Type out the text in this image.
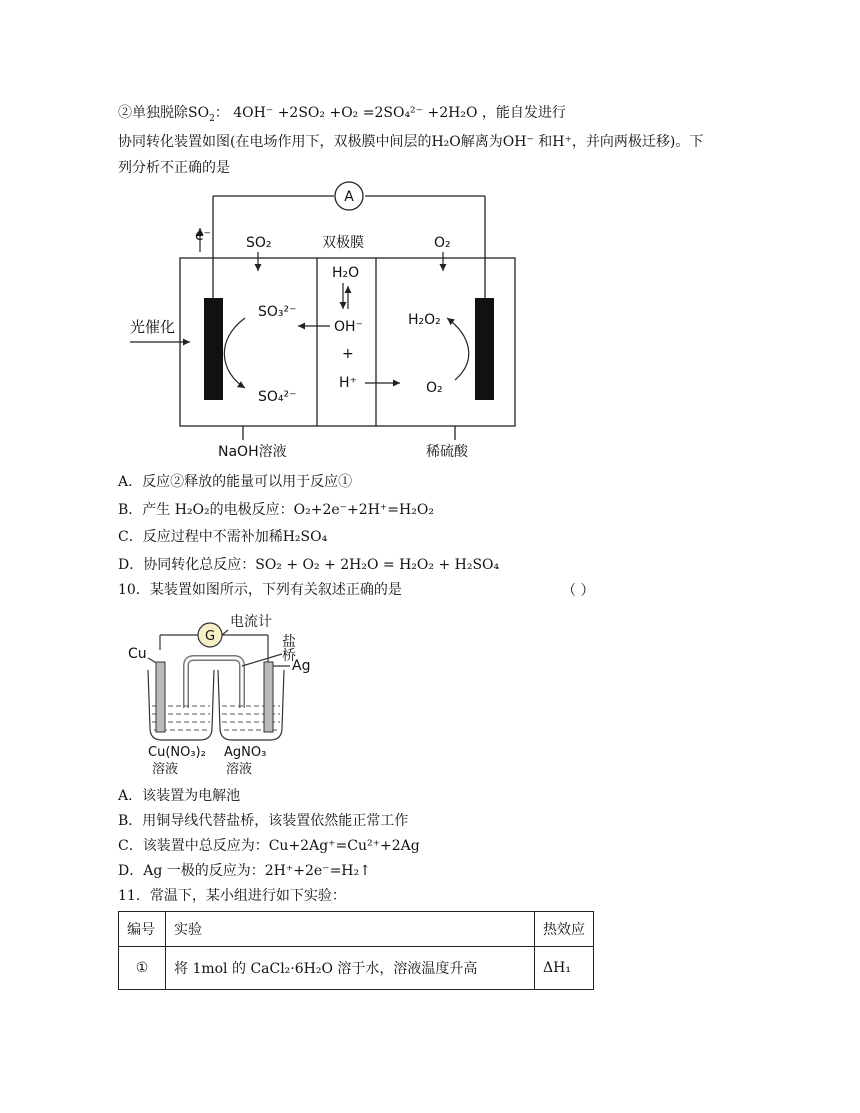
②单独脱除$SO_2$： 4OH⁻ +2SO₂ +O₂ =2SO₄²⁻ +2H₂O ，能自发进行
协同转化装置如图(在电场作用下，双极膜中间层的H₂O解离为OH⁻ 和H⁺，并向两极迁移)。下
列分析不正确的是
A
e⁻ SO₂	双极膜	O₂
光催化
SO₃²⁻
SO₄²⁻
H₂O
OH⁻
+
H⁺
H₂O₂
O₂
NaOH溶液	稀硫酸
A．反应②释放的能量可以用于反应①
B．产生 H₂O₂的电极反应：O₂+2e⁻+2H⁺=H₂O₂
C．反应过程中不需补加稀H₂SO₄
D．协同转化总反应：SO₂ + O₂ + 2H₂O = H₂O₂ + H₂SO₄
10．某装置如图所示，下列有关叙述正确的是	（ ）
G
电流计
盐
桥
Cu
Ag
Cu(NO₃)₂
溶液
AgNO₃
溶液
A．该装置为电解池
B．用铜导线代替盐桥，该装置依然能正常工作
C．该装置中总反应为：Cu+2Ag⁺=Cu²⁺+2Ag
D．Ag 一极的反应为：2H⁺+2e⁻=H₂↑
11．常温下，某小组进行如下实验：
编号	实验	热效应
①	将 1mol 的 CaCl₂·6H₂O 溶于水，溶液温度升高	ΔH₁
